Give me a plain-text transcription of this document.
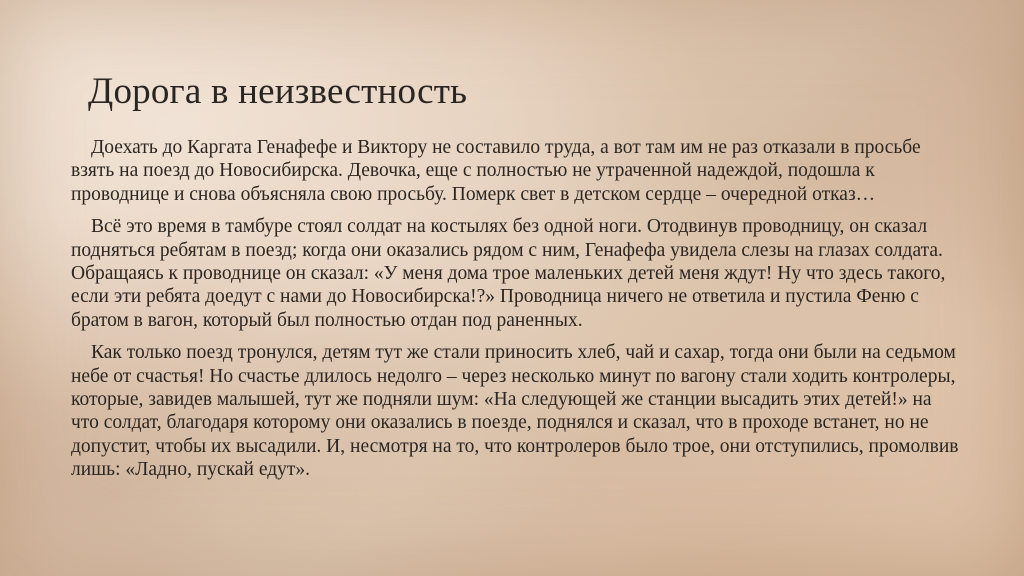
Дорога в неизвестность

Доехать до Каргата Генафефе и Виктору не составило труда, а вот там им не раз отказали в просьбе взять на поезд до Новосибирска. Девочка, еще с полностью не утраченной надеждой, подошла к проводнице и снова объясняла свою просьбу. Померк свет в детском сердце – очередной отказ…

Всё это время в тамбуре стоял солдат на костылях без одной ноги. Отодвинув проводницу, он сказал подняться ребятам в поезд; когда они оказались рядом с ним, Генафефа увидела слезы на глазах солдата. Обращаясь к проводнице он сказал: «У меня дома трое маленьких детей меня ждут! Ну что здесь такого, если эти ребята доедут с нами до Новосибирска!?» Проводница ничего не ответила и пустила Феню с братом в вагон, который был полностью отдан под раненных.

Как только поезд тронулся, детям тут же стали приносить хлеб, чай и сахар, тогда они были на седьмом небе от счастья! Но счастье длилось недолго – через несколько минут по вагону стали ходить контролеры, которые, завидев малышей, тут же подняли шум: «На следующей же станции высадить этих детей!» на что солдат, благодаря которому они оказались в поезде, поднялся и сказал, что в проходе встанет, но не допустит, чтобы их высадили. И, несмотря на то, что контролеров было трое, они отступились, промолвив лишь: «Ладно, пускай едут».
